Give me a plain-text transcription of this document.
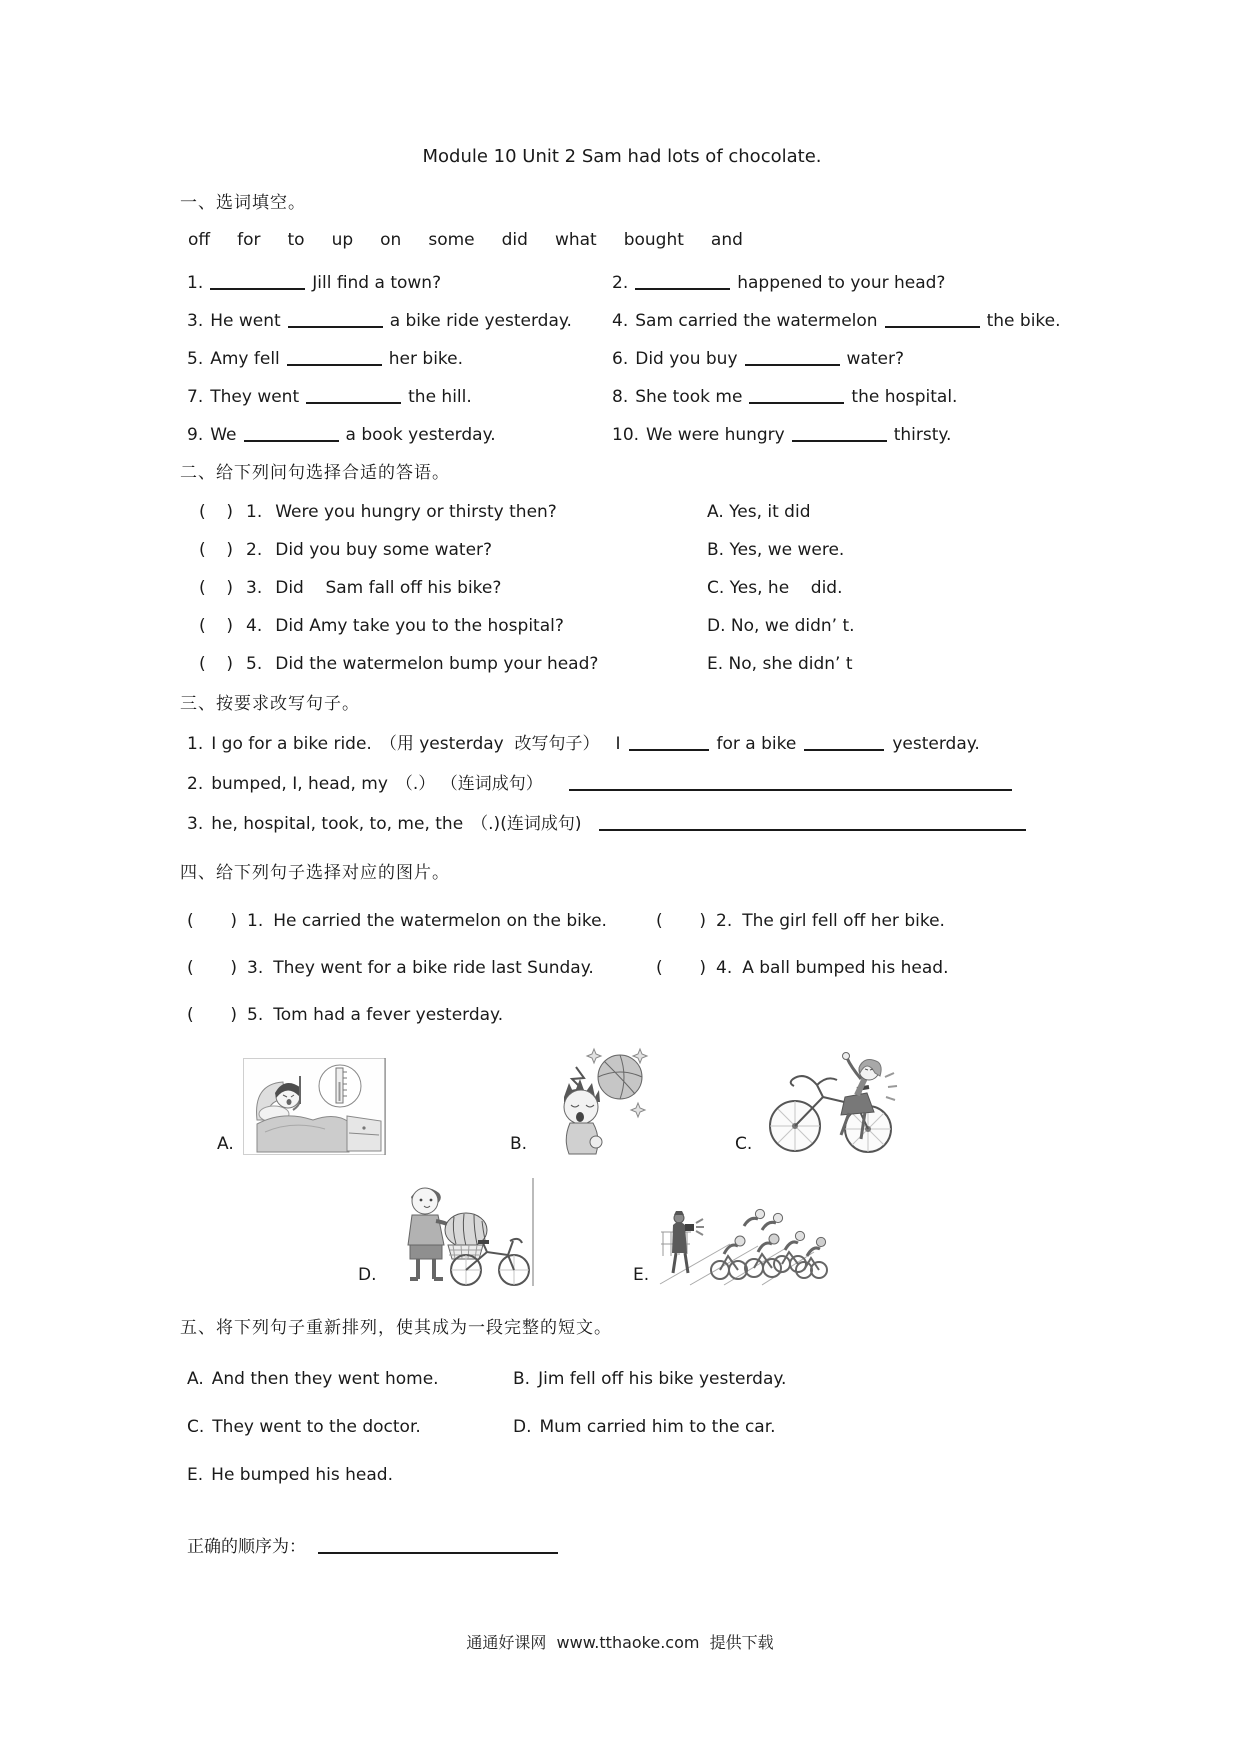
Module 10 Unit 2 Sam had lots of chocolate.
一、选词填空。
off for to up on some did what bought and
1.	Jill find a town?	2.	happened to your head?
3. He went	a bike ride yesterday. 4. Sam carried the watermelon	the bike.
5. Amy fell	her bike.	6. Did you buy	water?
7. They went	the hill.	8. She took me	the hospital.
9. We	a book yesterday.	10. We were hungry	thirsty.
二、给下列问句选择合适的答语。
( ) 1. Were you hungry or thirsty then?	A. Yes, it did
( ) 2. Did you buy some water?	B. Yes, we were.
( ) 3. Did    Sam fall off his bike?	C. Yes, he    did.
( ) 4. Did Amy take you to the hospital?	D. No, we didn’ t.
( ) 5. Did the watermelon bump your head?	E. No, she didn’ t
三、按要求改写句子。
1. I go for a bike ride. （用 yesterday  改写句子） I	for a bike	yesterday.
2. bumped, I, head, my （.） （连词成句）
3. he, hospital, took, to, me, the （.)(连词成句)
四、给下列句子选择对应的图片。
( ) 1. He carried the watermelon on the bike.	( ) 2. The girl fell off her bike.
( ) 3. They went for a bike ride last Sunday.	( ) 4. A ball bumped his head.
( ) 5. Tom had a fever yesterday.
A.	B.	C.
D.	E.
五、将下列句子重新排列，使其成为一段完整的短文。
A. And then they went home.	B. Jim fell off his bike yesterday.
C. They went to the doctor.	D. Mum carried him to the car.
E. He bumped his head.
正确的顺序为：
通通好课网  www.tthaoke.com  提供下载
